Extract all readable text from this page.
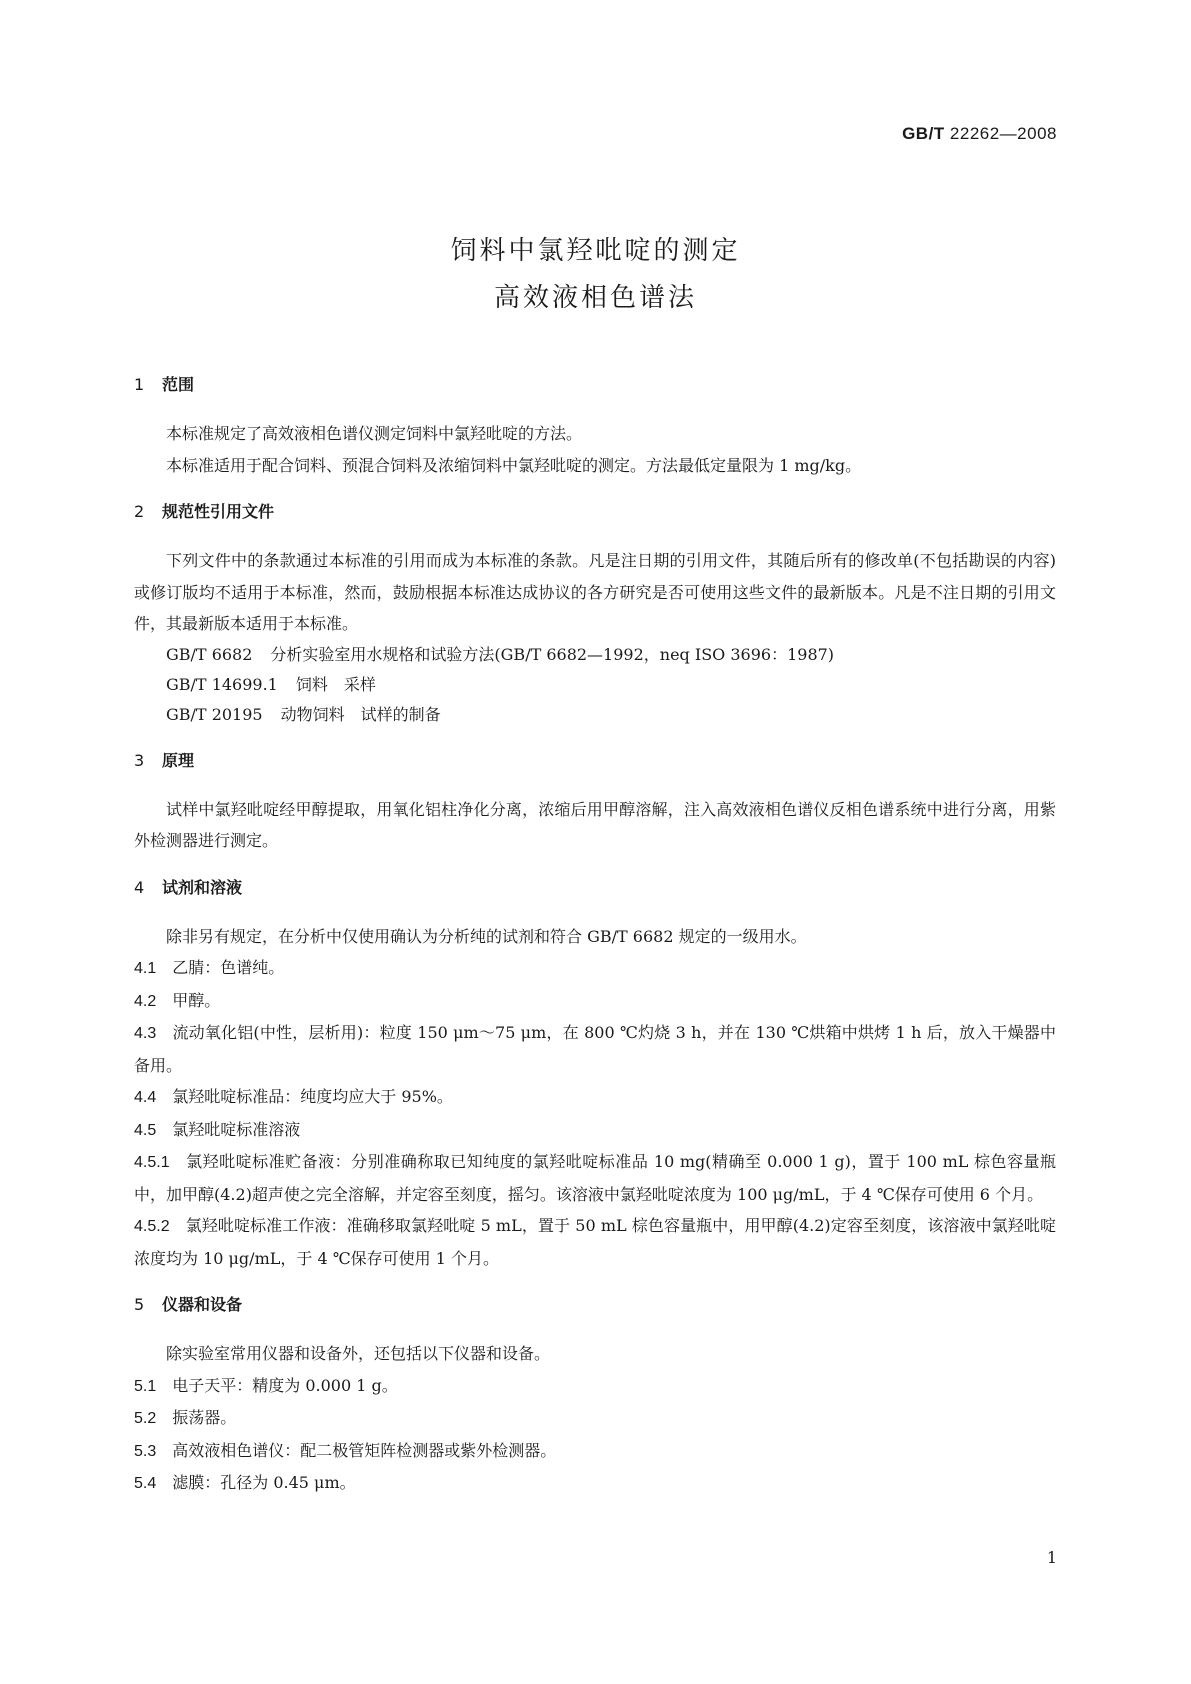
GB/T 22262—2008
饲料中氯羟吡啶的测定
高效液相色谱法
1 范围

本标准规定了高效液相色谱仪测定饲料中氯羟吡啶的方法。

本标准适用于配合饲料、预混合饲料及浓缩饲料中氯羟吡啶的测定。方法最低定量限为 1 mg/kg。

2 规范性引用文件

下列文件中的条款通过本标准的引用而成为本标准的条款。凡是注日期的引用文件，其随后所有的修改单(不包括勘误的内容)或修订版均不适用于本标准，然而，鼓励根据本标准达成协议的各方研究是否可使用这些文件的最新版本。凡是不注日期的引用文件，其最新版本适用于本标准。

GB/T 6682 分析实验室用水规格和试验方法(GB/T 6682—1992，neq ISO 3696：1987)

GB/T 14699.1 饲料　采样

GB/T 20195 动物饲料　试样的制备

3 原理

试样中氯羟吡啶经甲醇提取，用氧化铝柱净化分离，浓缩后用甲醇溶解，注入高效液相色谱仪反相色谱系统中进行分离，用紫外检测器进行测定。

4 试剂和溶液

除非另有规定，在分析中仅使用确认为分析纯的试剂和符合 GB/T 6682 规定的一级用水。

4.1 乙腈：色谱纯。

4.2 甲醇。

4.3 流动氧化铝(中性，层析用)：粒度 150 μm～75 μm，在 800 ℃灼烧 3 h，并在 130 ℃烘箱中烘烤 1 h 后，放入干燥器中备用。

4.4 氯羟吡啶标准品：纯度均应大于 95%。

4.5 氯羟吡啶标准溶液

4.5.1 氯羟吡啶标准贮备液：分别准确称取已知纯度的氯羟吡啶标准品 10 mg(精确至 0.000 1 g)，置于 100 mL 棕色容量瓶中，加甲醇(4.2)超声使之完全溶解，并定容至刻度，摇匀。该溶液中氯羟吡啶浓度为 100 μg/mL，于 4 ℃保存可使用 6 个月。

4.5.2 氯羟吡啶标准工作液：准确移取氯羟吡啶 5 mL，置于 50 mL 棕色容量瓶中，用甲醇(4.2)定容至刻度，该溶液中氯羟吡啶浓度均为 10 μg/mL，于 4 ℃保存可使用 1 个月。

5 仪器和设备

除实验室常用仪器和设备外，还包括以下仪器和设备。

5.1 电子天平：精度为 0.000 1 g。

5.2 振荡器。

5.3 高效液相色谱仪：配二极管矩阵检测器或紫外检测器。

5.4 滤膜：孔径为 0.45 μm。

1
